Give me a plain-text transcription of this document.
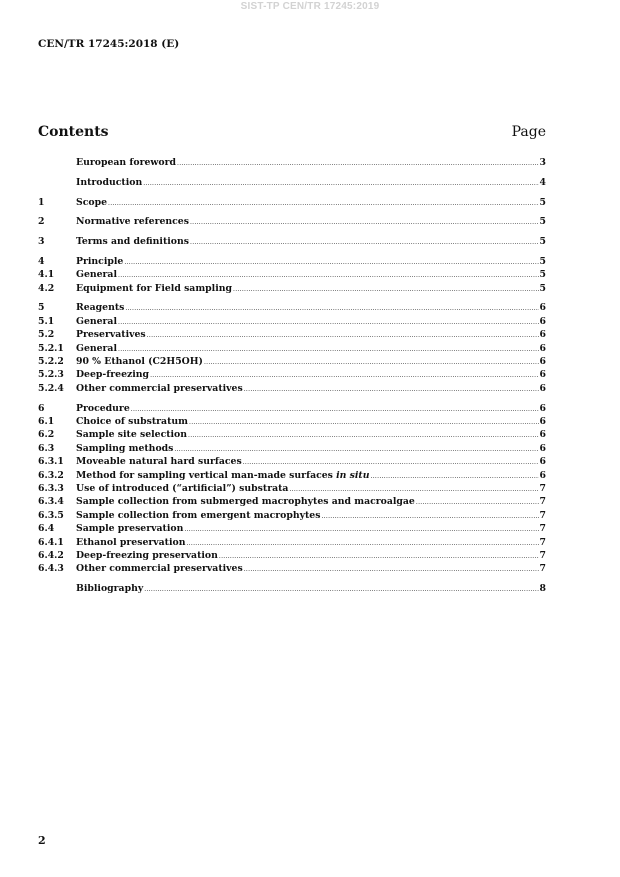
SIST-TP CEN/TR 17245:2019
CEN/TR 17245:2018 (E)
Contents	Page
European foreword .....	3
Introduction .....	4
1	Scope .....	5
2	Normative references .....	5
3	Terms and definitions .....	5
4	Principle .....	5
4.1	General .....	5
4.2	Equipment for Field sampling .....	5
5	Reagents .....	6
5.1	General .....	6
5.2	Preservatives .....	6
5.2.1	General .....	6
5.2.2	90 % Ethanol (C2H5OH) .....	6
5.2.3	Deep-freezing .....	6
5.2.4	Other commercial preservatives .....	6
6	Procedure .....	6
6.1	Choice of substratum .....	6
6.2	Sample site selection .....	6
6.3	Sampling methods .....	6
6.3.1	Moveable natural hard surfaces .....	6
6.3.2	Method for sampling vertical man-made surfaces in situ .....	6
6.3.3	Use of introduced (“artificial”) substrata .....	7
6.3.4	Sample collection from submerged macrophytes and macroalgae .....	7
6.3.5	Sample collection from emergent macrophytes .....	7
6.4	Sample preservation .....	7
6.4.1	Ethanol preservation .....	7
6.4.2	Deep-freezing preservation .....	7
6.4.3	Other commercial preservatives .....	7
Bibliography .....	8
2
